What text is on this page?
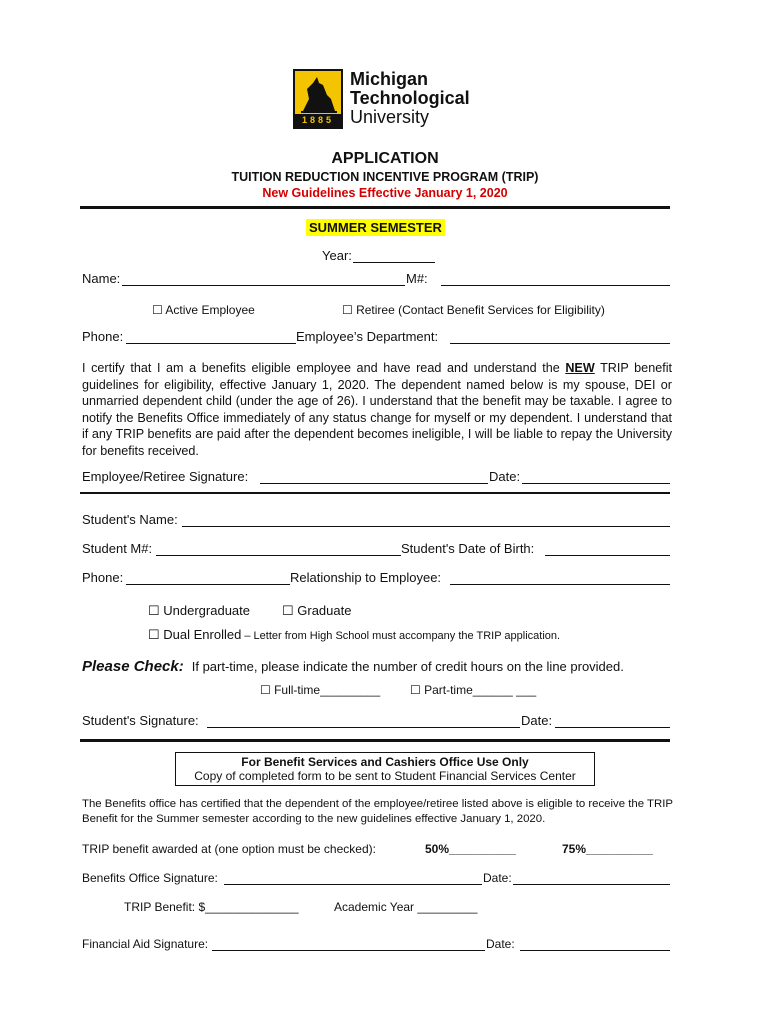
1885
Michigan
Technological
University
APPLICATION
TUITION REDUCTION INCENTIVE PROGRAM (TRIP)
New Guidelines Effective January 1, 2020
SUMMER SEMESTER
Year:
Name:	M#:
☐ Active Employee	☐ Retiree (Contact Benefit Services for Eligibility)
Phone:	Employee’s Department:
I certify that I am a benefits eligible employee and have read and understand the NEW TRIP benefit guidelines for eligibility, effective January 1, 2020. The dependent named below is my spouse, DEI or unmarried dependent child (under the age of 26). I understand that the benefit may be taxable. I agree to notify the Benefits Office immediately of any status change for myself or my dependent. I understand that if any TRIP benefits are paid after the dependent becomes ineligible, I will be liable to repay the University for benefits received.
Employee/Retiree Signature:	Date:
Student's Name:
Student M#:	Student's Date of Birth:
Phone:	Relationship to Employee:
☐ Undergraduate ☐ Graduate
☐ Dual Enrolled – Letter from High School must accompany the TRIP application.
Please Check: If part-time, please indicate the number of credit hours on the line provided.
☐ Full-time_________ ☐ Part-time______ ___
Student's Signature:	Date:
For Benefit Services and Cashiers Office Use Only
Copy of completed form to be sent to Student Financial Services Center
The Benefits office has certified that the dependent of the employee/retiree listed above is eligible to receive the TRIP Benefit for the Summer semester according to the new guidelines effective January 1, 2020.
TRIP benefit awarded at (one option must be checked):	50%__________	75%__________
Benefits Office Signature:	Date:
TRIP Benefit: $______________	Academic Year _________
Financial Aid Signature:	Date:
